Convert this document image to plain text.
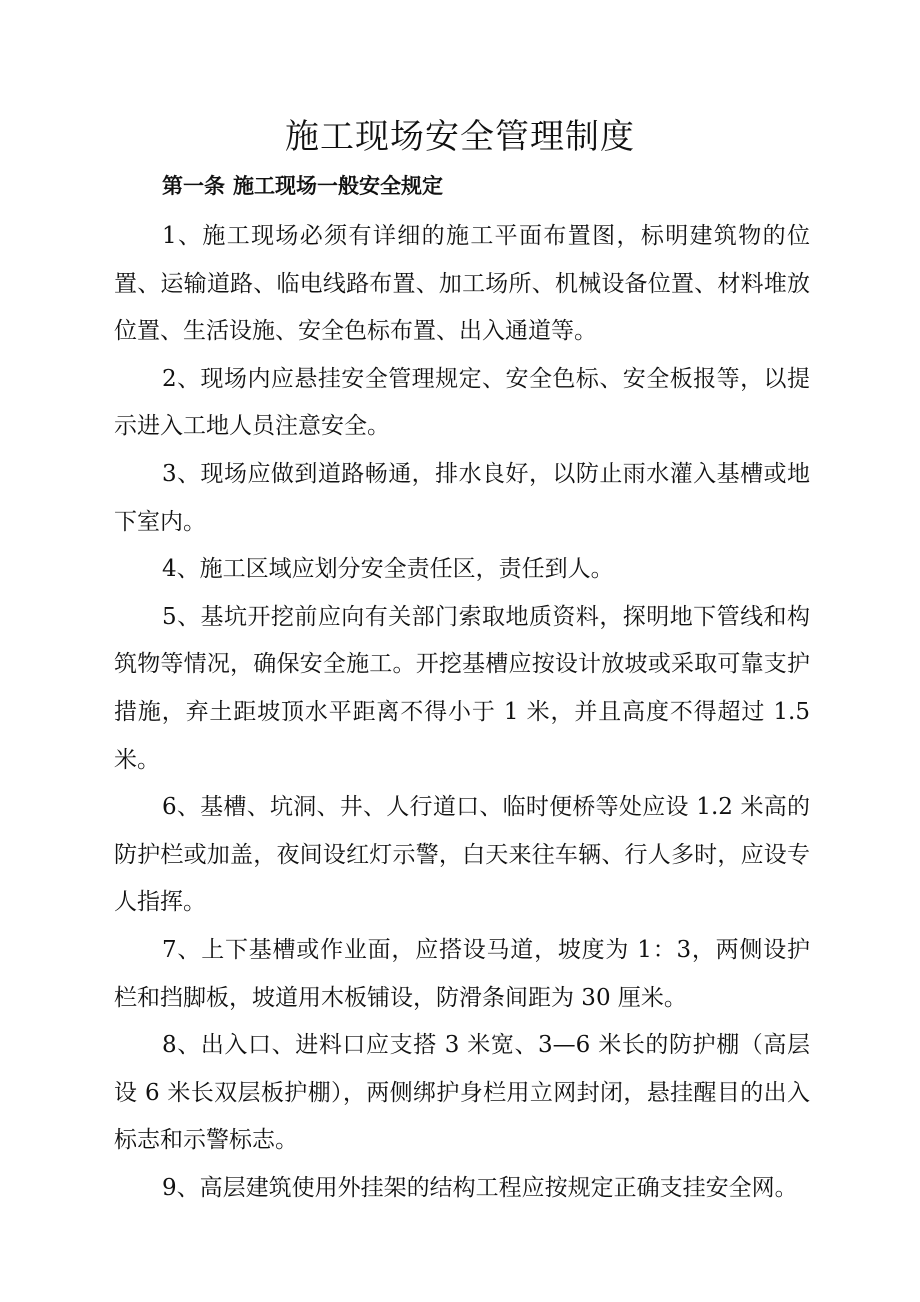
施工现场安全管理制度
第一条 施工现场一般安全规定

1、施工现场必须有详细的施工平面布置图，标明建筑物的位置、运输道路、临电线路布置、加工场所、机械设备位置、材料堆放位置、生活设施、安全色标布置、出入通道等。

2、现场内应悬挂安全管理规定、安全色标、安全板报等，以提示进入工地人员注意安全。

3、现场应做到道路畅通，排水良好，以防止雨水灌入基槽或地下室内。

4、施工区域应划分安全责任区，责任到人。

5、基坑开挖前应向有关部门索取地质资料，探明地下管线和构筑物等情况，确保安全施工。开挖基槽应按设计放坡或采取可靠支护措施，弃土距坡顶水平距离不得小于 1 米，并且高度不得超过 1.5 米。

6、基槽、坑洞、井、人行道口、临时便桥等处应设 1.2 米高的防护栏或加盖，夜间设红灯示警，白天来往车辆、行人多时，应设专人指挥。

7、上下基槽或作业面，应搭设马道，坡度为 1：3，两侧设护栏和挡脚板，坡道用木板铺设，防滑条间距为 30 厘米。

8、出入口、进料口应支搭 3 米宽、3—6 米长的防护棚（高层设 6 米长双层板护棚），两侧绑护身栏用立网封闭，悬挂醒目的出入标志和示警标志。

9、高层建筑使用外挂架的结构工程应按规定正确支挂安全网。
